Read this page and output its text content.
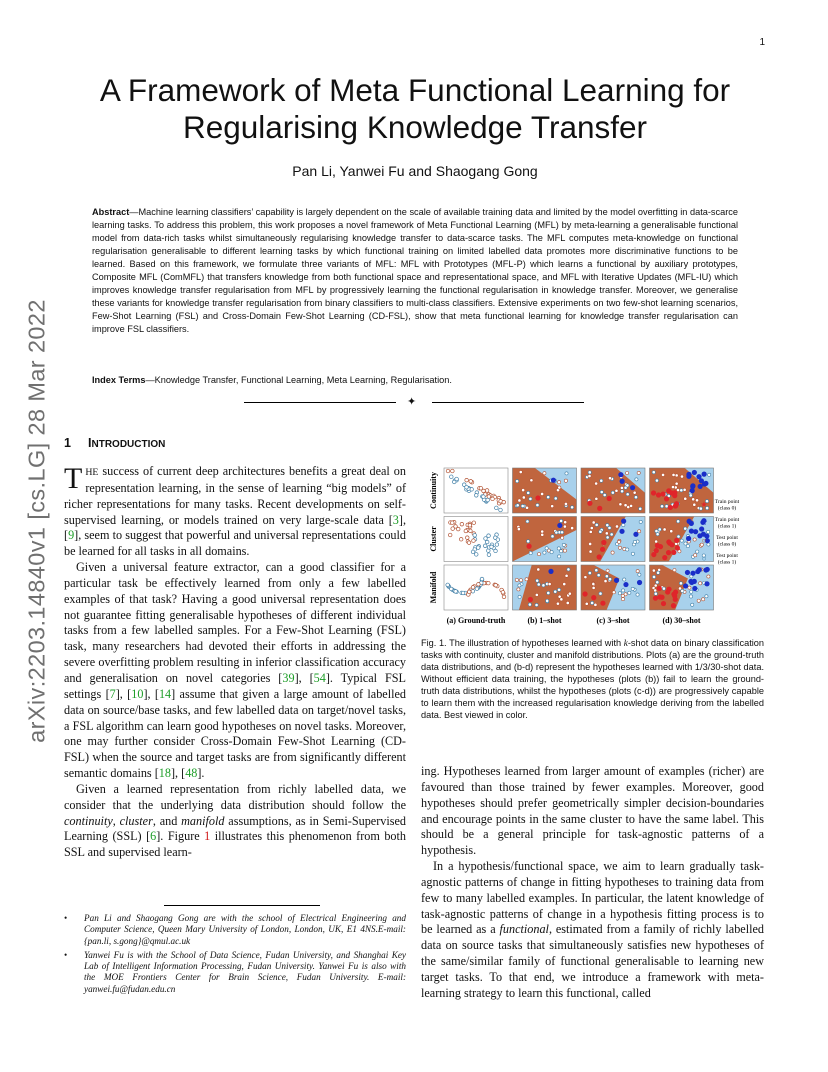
1
arXiv:2203.14840v1 [cs.LG] 28 Mar 2022
A Framework of Meta Functional Learning for Regularising Knowledge Transfer
Pan Li, Yanwei Fu and Shaogang Gong
Abstract—Machine learning classifiers’ capability is largely dependent on the scale of available training data and limited by the model overfitting in data-scarce learning tasks. To address this problem, this work proposes a novel framework of Meta Functional Learning (MFL) by meta-learning a generalisable functional model from data-rich tasks whilst simultaneously regularising knowledge transfer to data-scarce tasks. The MFL computes meta-knowledge on functional regularisation generalisable to different learning tasks by which functional training on limited labelled data promotes more discriminative functions to be learned. Based on this framework, we formulate three variants of MFL: MFL with Prototypes (MFL-P) which learns a functional by auxiliary prototypes, Composite MFL (ComMFL) that transfers knowledge from both functional space and representational space, and MFL with Iterative Updates (MFL-IU) which improves knowledge transfer regularisation from MFL by progressively learning the functional regularisation in knowledge transfer. Moreover, we generalise these variants for knowledge transfer regularisation from binary classifiers to multi-class classifiers. Extensive experiments on two few-shot learning scenarios, Few-Shot Learning (FSL) and Cross-Domain Few-Shot Learning (CD-FSL), show that meta functional learning for knowledge transfer regularisation can improve FSL classifiers.
Index Terms—Knowledge Transfer, Functional Learning, Meta Learning, Regularisation.
✦
1 INTRODUCTION

THE success of current deep architectures benefits a great deal on representation learning, in the sense of learning “big models” of richer representations for many tasks. Recent developments on self-supervised learning, or models trained on very large-scale data [3], [9], seem to suggest that powerful and universal representations could be learned for all tasks in all domains.

Given a universal feature extractor, can a good classifier for a particular task be effectively learned from only a few labelled examples of that task? Having a good universal representation does not guarantee fitting generalisable hypotheses of different individual tasks from a few labelled samples. For a Few-Shot Learning (FSL) task, many researchers had devoted their efforts in addressing the severe overfitting problem resulting in inferior classification accuracy and generalisation on novel categories [39], [54]. Typical FSL settings [7], [10], [14] assume that given a large amount of labelled data on source/base tasks, and few labelled data on target/novel tasks, a FSL algorithm can learn good hypotheses on novel tasks. Moreover, one may further consider Cross-Domain Few-Shot Learning (CD-FSL) when the source and target tasks are from significantly different semantic domains [18], [48].

Given a learned representation from richly labelled data, we consider that the underlying data distribution should follow the continuity, cluster, and manifold assumptions, as in Semi-Supervised Learning (SSL) [6]. Figure 1 illustrates this phenomenon from both SSL and supervised learn-

• Pan Li and Shaogang Gong are with the school of Electrical Engineering and Computer Science, Queen Mary University of London, London, UK, E1 4NS.E-mail: {pan.li, s.gong}@qmul.ac.uk
• Yanwei Fu is with the School of Data Science, Fudan University, and Shanghai Key Lab of Intelligent Information Processing, Fudan University. Yanwei Fu is also with the MOE Frontiers Center for Brain Science, Fudan University. E-mail: yanwei.fu@fudan.edu.cn
Continuity
Cluster
Manifold
(a) Ground-truth	(b) 1–shot	(c) 3–shot	(d) 30–shot
★ Train point
(class 0)
★ Train point
(class 1)
○ Test point
(class 0)
○ Test point
(class 1)
Fig. 1. The illustration of hypotheses learned with k-shot data on binary classification tasks with continuity, cluster and manifold distributions. Plots (a) are the ground-truth data distributions, and (b-d) represent the hypotheses learned with 1/3/30-shot data. Without efficient data training, the hypotheses (plots (b)) fail to learn the ground-truth data distributions, whilst the hypotheses (plots (c-d)) are progressively capable to learn them with the increased regularisation knowledge deriving from the labelled data. Best viewed in color.

ing. Hypotheses learned from larger amount of examples (richer) are favoured than those trained by fewer examples. Moreover, good hypotheses should prefer geometrically simpler decision-boundaries and encourage points in the same cluster to have the same label. This should be a general principle for task-agnostic patterns of a hypothesis.

In a hypothesis/functional space, we aim to learn gradually task-agnostic patterns of change in fitting hypotheses to training data from few to many labelled examples. In particular, the latent knowledge of task-agnostic patterns of change in a hypothesis fitting process is to be learned as a functional, estimated from a family of richly labelled data on source tasks that simultaneously satisfies new hypotheses of the same/similar family of functional generalisable to learning new target tasks. To that end, we introduce a framework with meta-learning strategy to learn this functional, called
